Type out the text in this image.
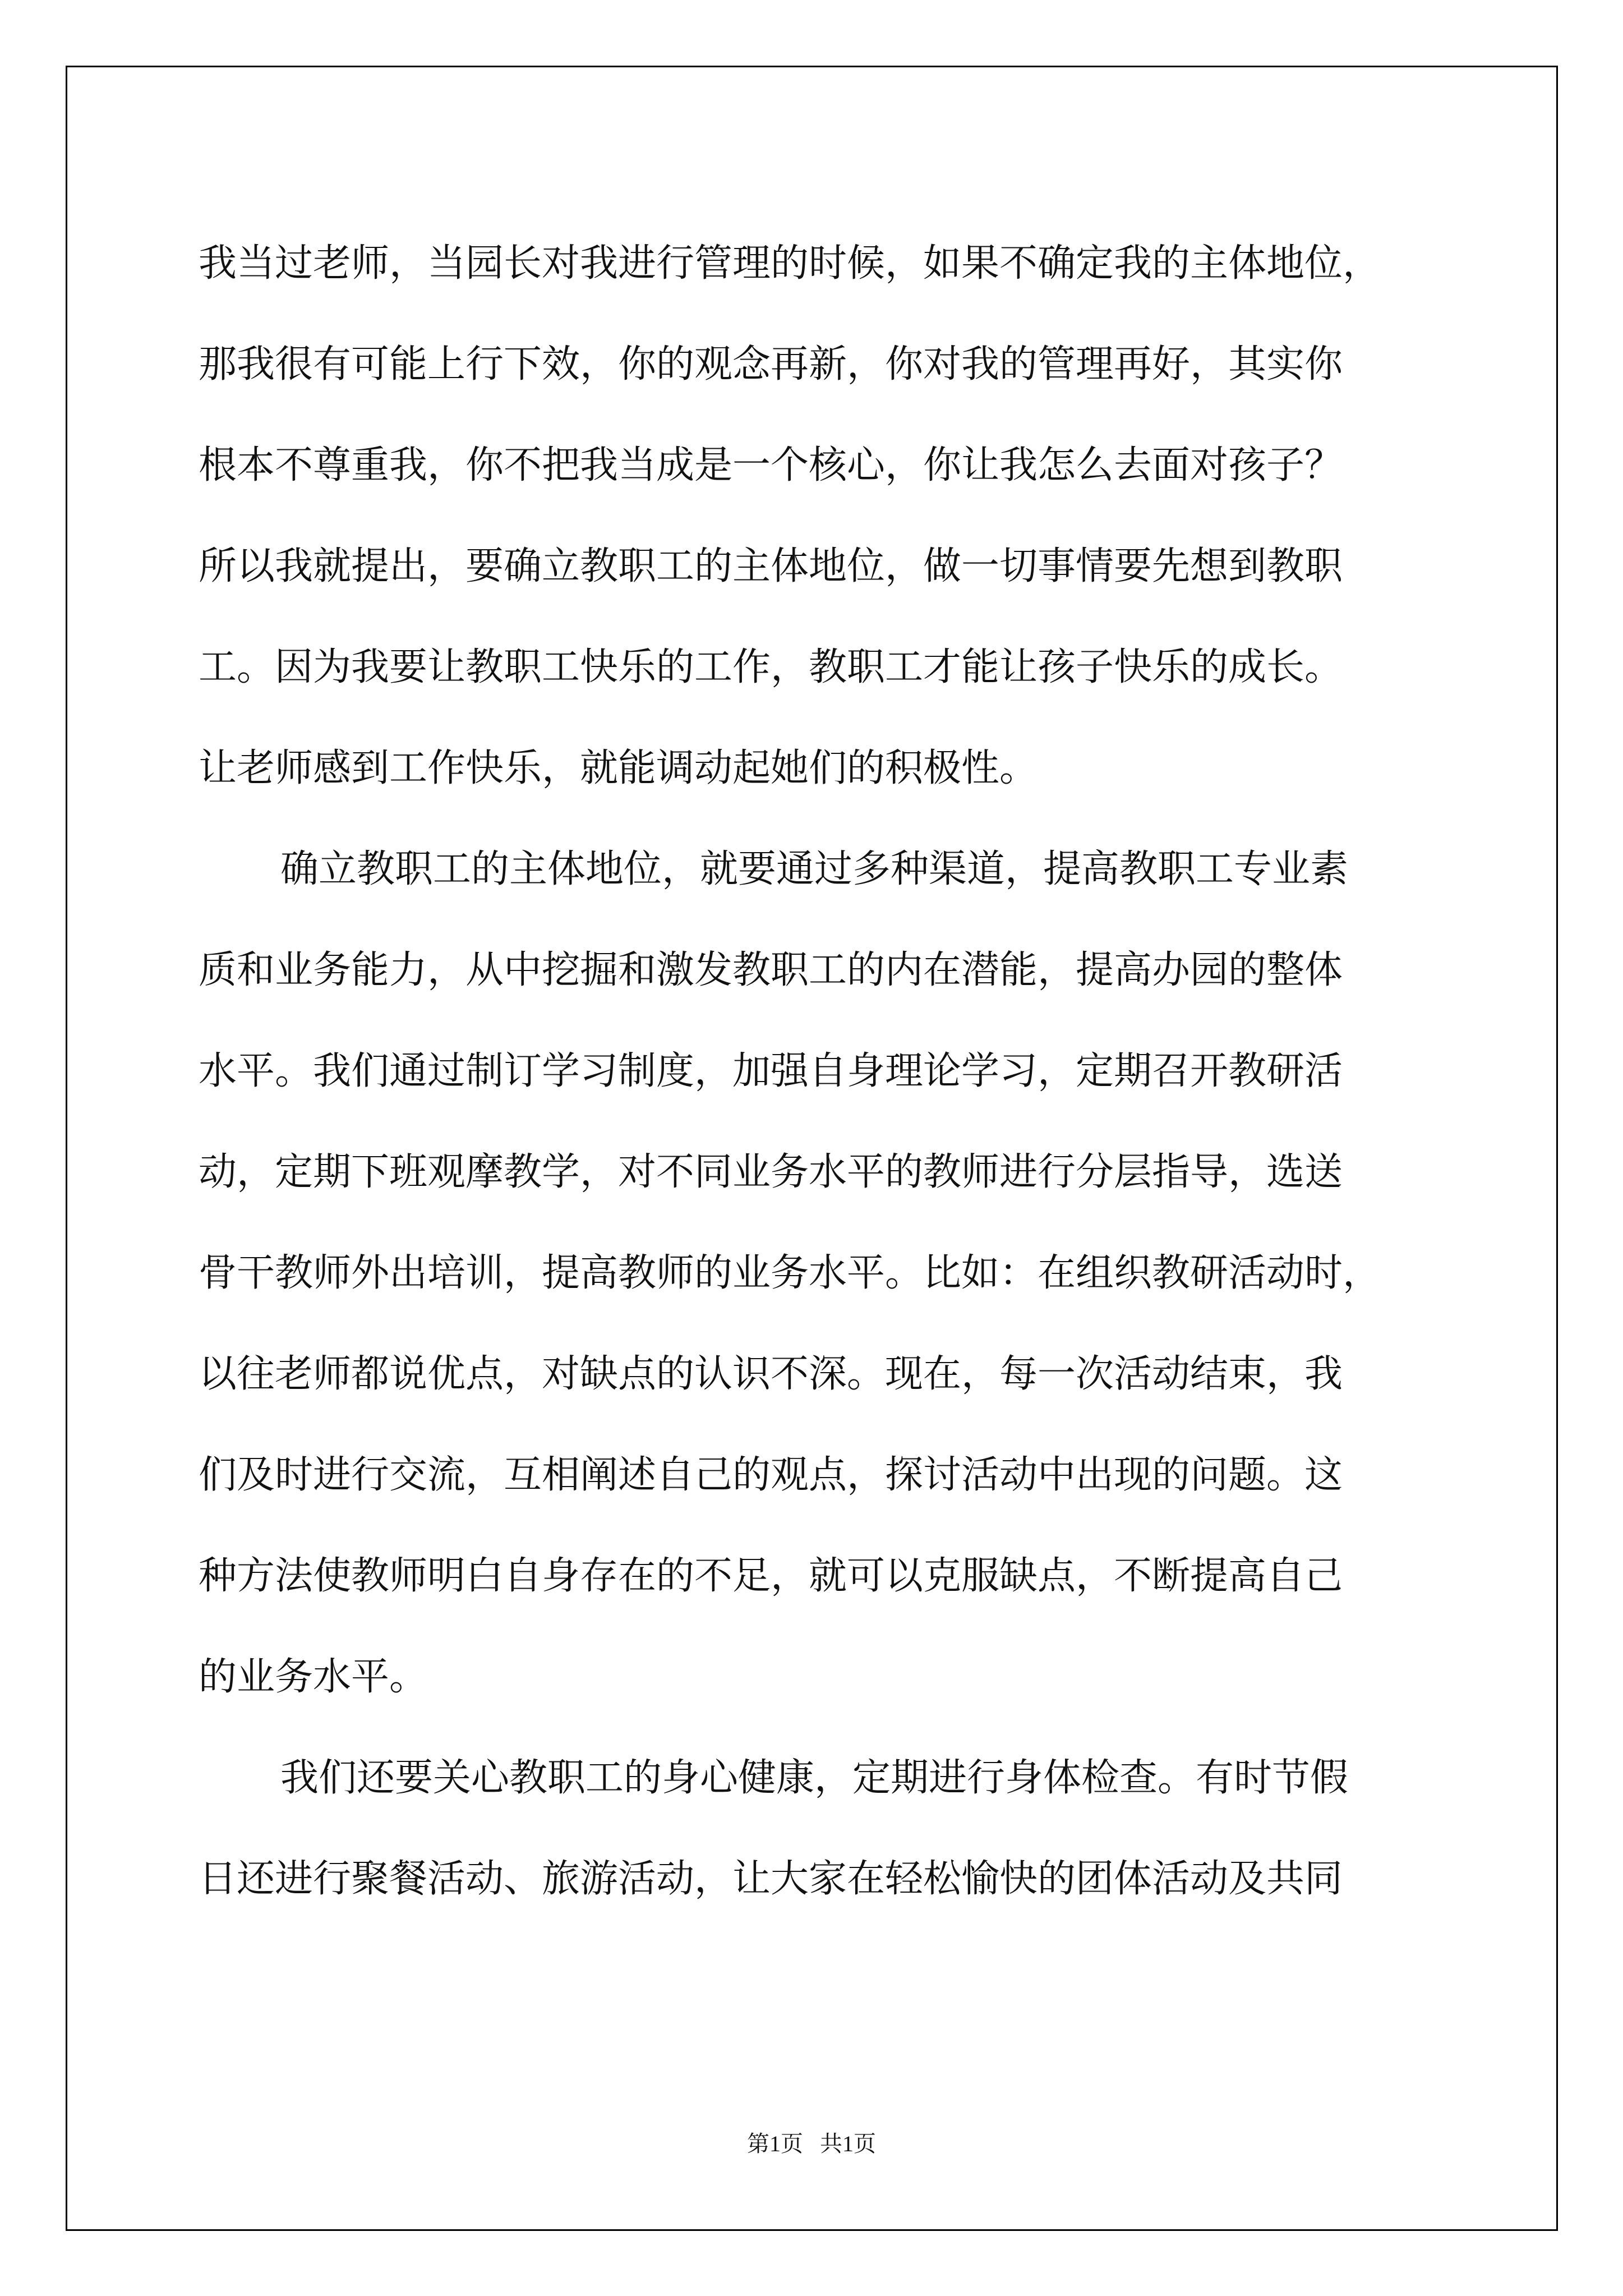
我当过老师，当园长对我进行管理的时候，如果不确定我的主体地位，
那我很有可能上行下效，你的观念再新，你对我的管理再好，其实你
根本不尊重我，你不把我当成是一个核心，你让我怎么去面对孩子？
所以我就提出，要确立教职工的主体地位，做一切事情要先想到教职
工。因为我要让教职工快乐的工作，教职工才能让孩子快乐的成长。
让老师感到工作快乐，就能调动起她们的积极性。
确立教职工的主体地位，就要通过多种渠道，提高教职工专业素
质和业务能力，从中挖掘和激发教职工的内在潜能，提高办园的整体
水平。我们通过制订学习制度，加强自身理论学习，定期召开教研活
动，定期下班观摩教学，对不同业务水平的教师进行分层指导，选送
骨干教师外出培训，提高教师的业务水平。比如：在组织教研活动时，
以往老师都说优点，对缺点的认识不深。现在，每一次活动结束，我
们及时进行交流，互相阐述自己的观点，探讨活动中出现的问题。这
种方法使教师明白自身存在的不足，就可以克服缺点，不断提高自己
的业务水平。
我们还要关心教职工的身心健康，定期进行身体检查。有时节假
日还进行聚餐活动、旅游活动，让大家在轻松愉快的团体活动及共同
第1页   共1页
